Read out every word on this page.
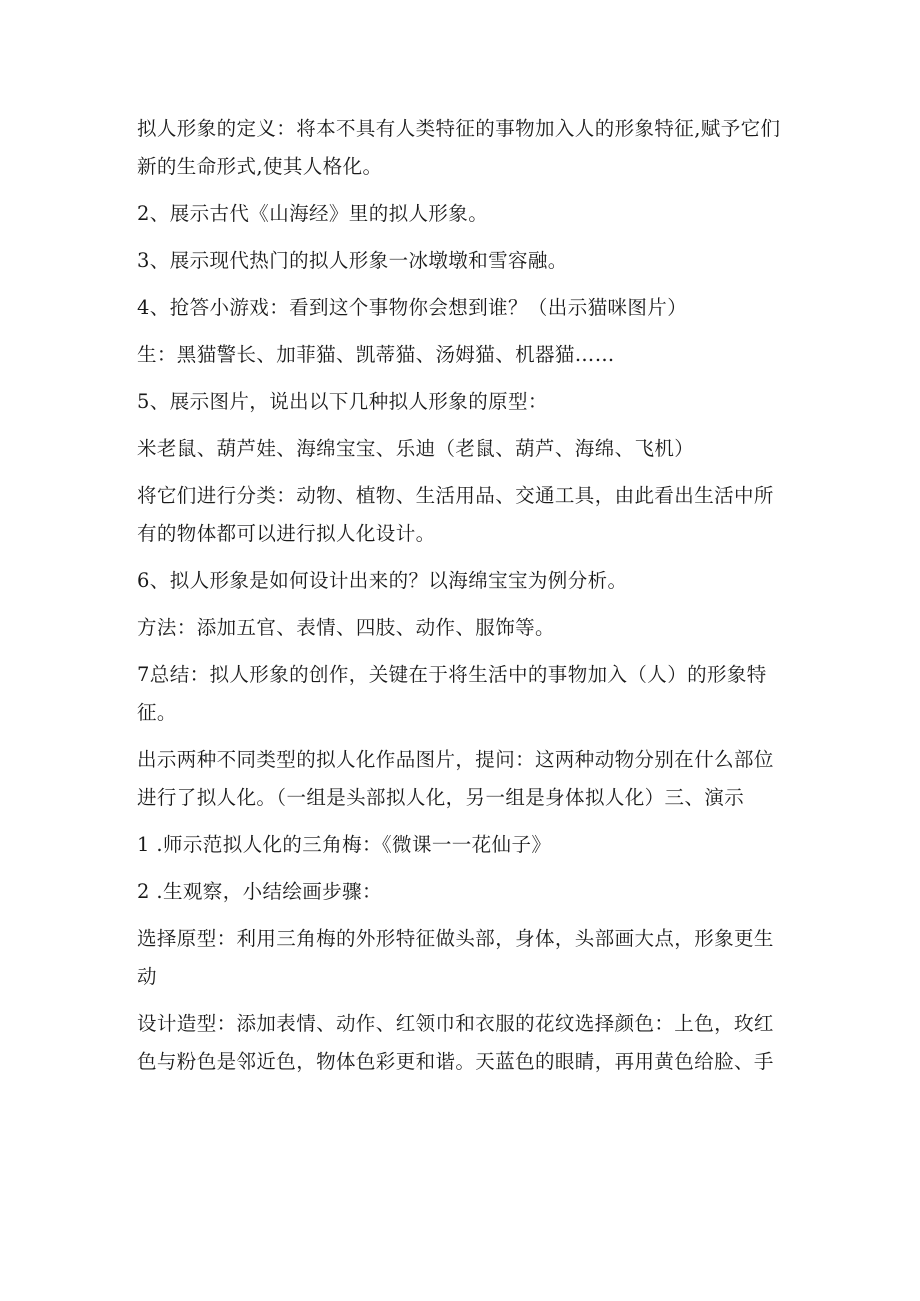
拟人形象的定义：将本不具有人类特征的事物加入人的形象特征,赋予它们新的生命形式,使其人格化。

2、展示古代《山海经》里的拟人形象。

3、展示现代热门的拟人形象一冰墩墩和雪容融。

4、抢答小游戏：看到这个事物你会想到谁？（出示猫咪图片）

生：黑猫警长、加菲猫、凯蒂猫、汤姆猫、机器猫……

5、展示图片，说出以下几种拟人形象的原型：

米老鼠、葫芦娃、海绵宝宝、乐迪（老鼠、葫芦、海绵、飞机）

将它们进行分类：动物、植物、生活用品、交通工具，由此看出生活中所有的物体都可以进行拟人化设计。

6、拟人形象是如何设计出来的？以海绵宝宝为例分析。

方法：添加五官、表情、四肢、动作、服饰等。

7总结：拟人形象的创作，关键在于将生活中的事物加入（人）的形象特征。

出示两种不同类型的拟人化作品图片，提问：这两种动物分别在什么部位进行了拟人化。（一组是头部拟人化，另一组是身体拟人化）三、演示

1 .师示范拟人化的三角梅：《微课一一花仙子》

2 .生观察，小结绘画步骤：

选择原型：利用三角梅的外形特征做头部，身体，头部画大点，形象更生动

设计造型：添加表情、动作、红领巾和衣服的花纹选择颜色：上色，玫红色与粉色是邻近色，物体色彩更和谐。天蓝色的眼睛，再用黄色给脸、手
